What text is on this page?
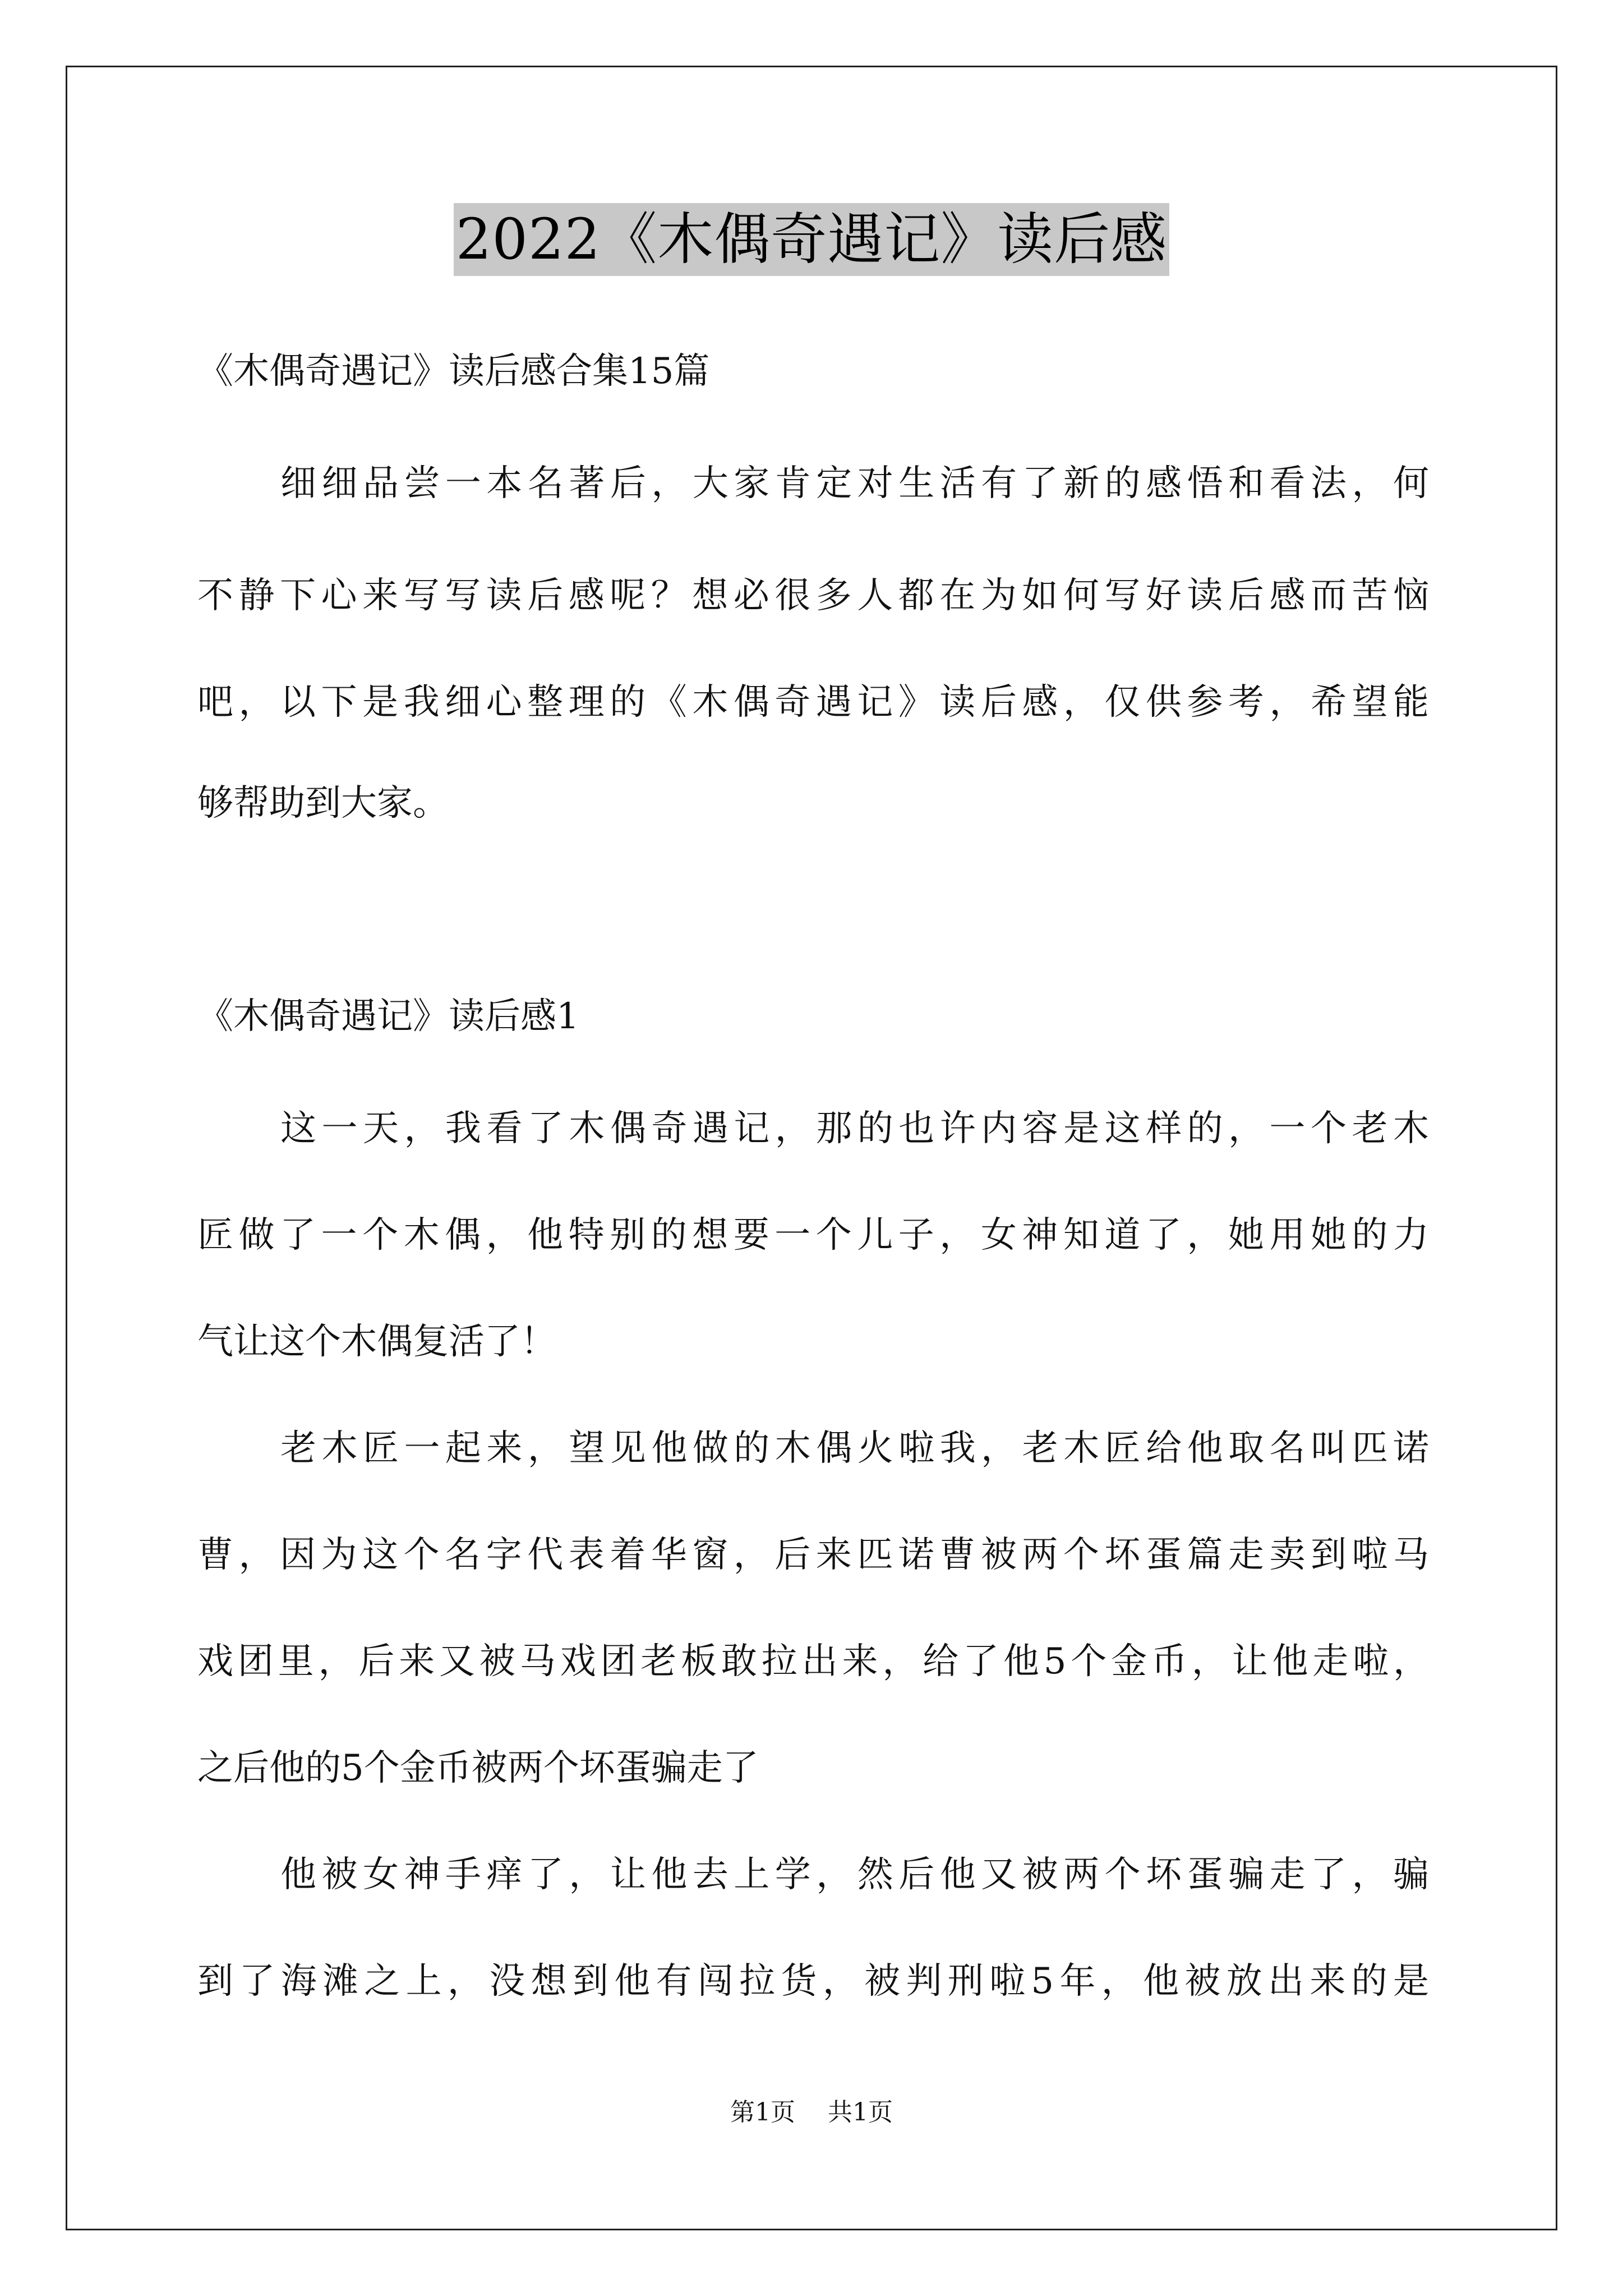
2022《木偶奇遇记》读后感
《木偶奇遇记》读后感合集15篇
细细品尝一本名著后，大家肯定对生活有了新的感悟和看法，何
不静下心来写写读后感呢？想必很多人都在为如何写好读后感而苦恼
吧，以下是我细心整理的《木偶奇遇记》读后感，仅供参考，希望能
够帮助到大家。
《木偶奇遇记》读后感1
这一天，我看了木偶奇遇记，那的也许内容是这样的，一个老木
匠做了一个木偶，他特别的想要一个儿子，女神知道了，她用她的力
气让这个木偶复活了！
老木匠一起来，望见他做的木偶火啦我，老木匠给他取名叫匹诺
曹，因为这个名字代表着华窗，后来匹诺曹被两个坏蛋篇走卖到啦马
戏团里，后来又被马戏团老板敢拉出来，给了他5个金币，让他走啦，
之后他的5个金币被两个坏蛋骗走了
他被女神手痒了，让他去上学，然后他又被两个坏蛋骗走了，骗
到了海滩之上，没想到他有闯拉货，被判刑啦5年，他被放出来的是
第1页 共1页
